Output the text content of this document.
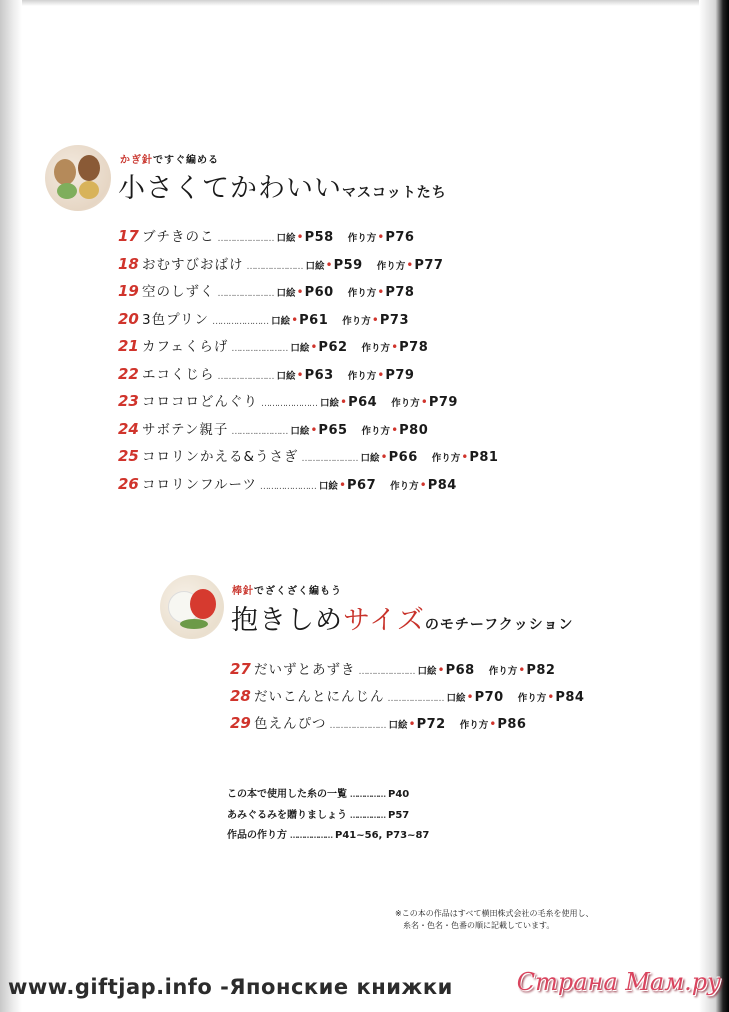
かぎ針ですぐ編める
小さくてかわいいマスコットたち
17 ブチきのこ ………………… 口絵 • P58 作り方 • P76
18 おむすびおばけ ………………… 口絵 • P59 作り方 • P77
19 空のしずく ………………… 口絵 • P60 作り方 • P78
20 3色プリン ………………… 口絵 • P61 作り方 • P73
21 カフェくらげ ………………… 口絵 • P62 作り方 • P78
22 エコくじら ………………… 口絵 • P63 作り方 • P79
23 コロコロどんぐり ………………… 口絵 • P64 作り方 • P79
24 サボテン親子 ………………… 口絵 • P65 作り方 • P80
25 コロリンかえる&うさぎ ………………… 口絵 • P66 作り方 • P81
26 コロリンフルーツ ………………… 口絵 • P67 作り方 • P84
棒針でざくざく編もう
抱きしめサイズのモチーフクッション
27 だいずとあずき ………………… 口絵 • P68 作り方 • P82
28 だいこんとにんじん ………………… 口絵 • P70 作り方 • P84
29 色えんぴつ ………………… 口絵 • P72 作り方 • P86
この本で使用した糸の一覧 …………… P40
あみぐるみを贈りましょう …………… P57
作品の作り方 ……………… P41~56, P73~87
※この本の作品はすべて横田株式会社の毛糸を使用し、
糸名・色名・色番の順に記載しています。
www.giftjap.info -Японские книжки	Страна Мам.ру
